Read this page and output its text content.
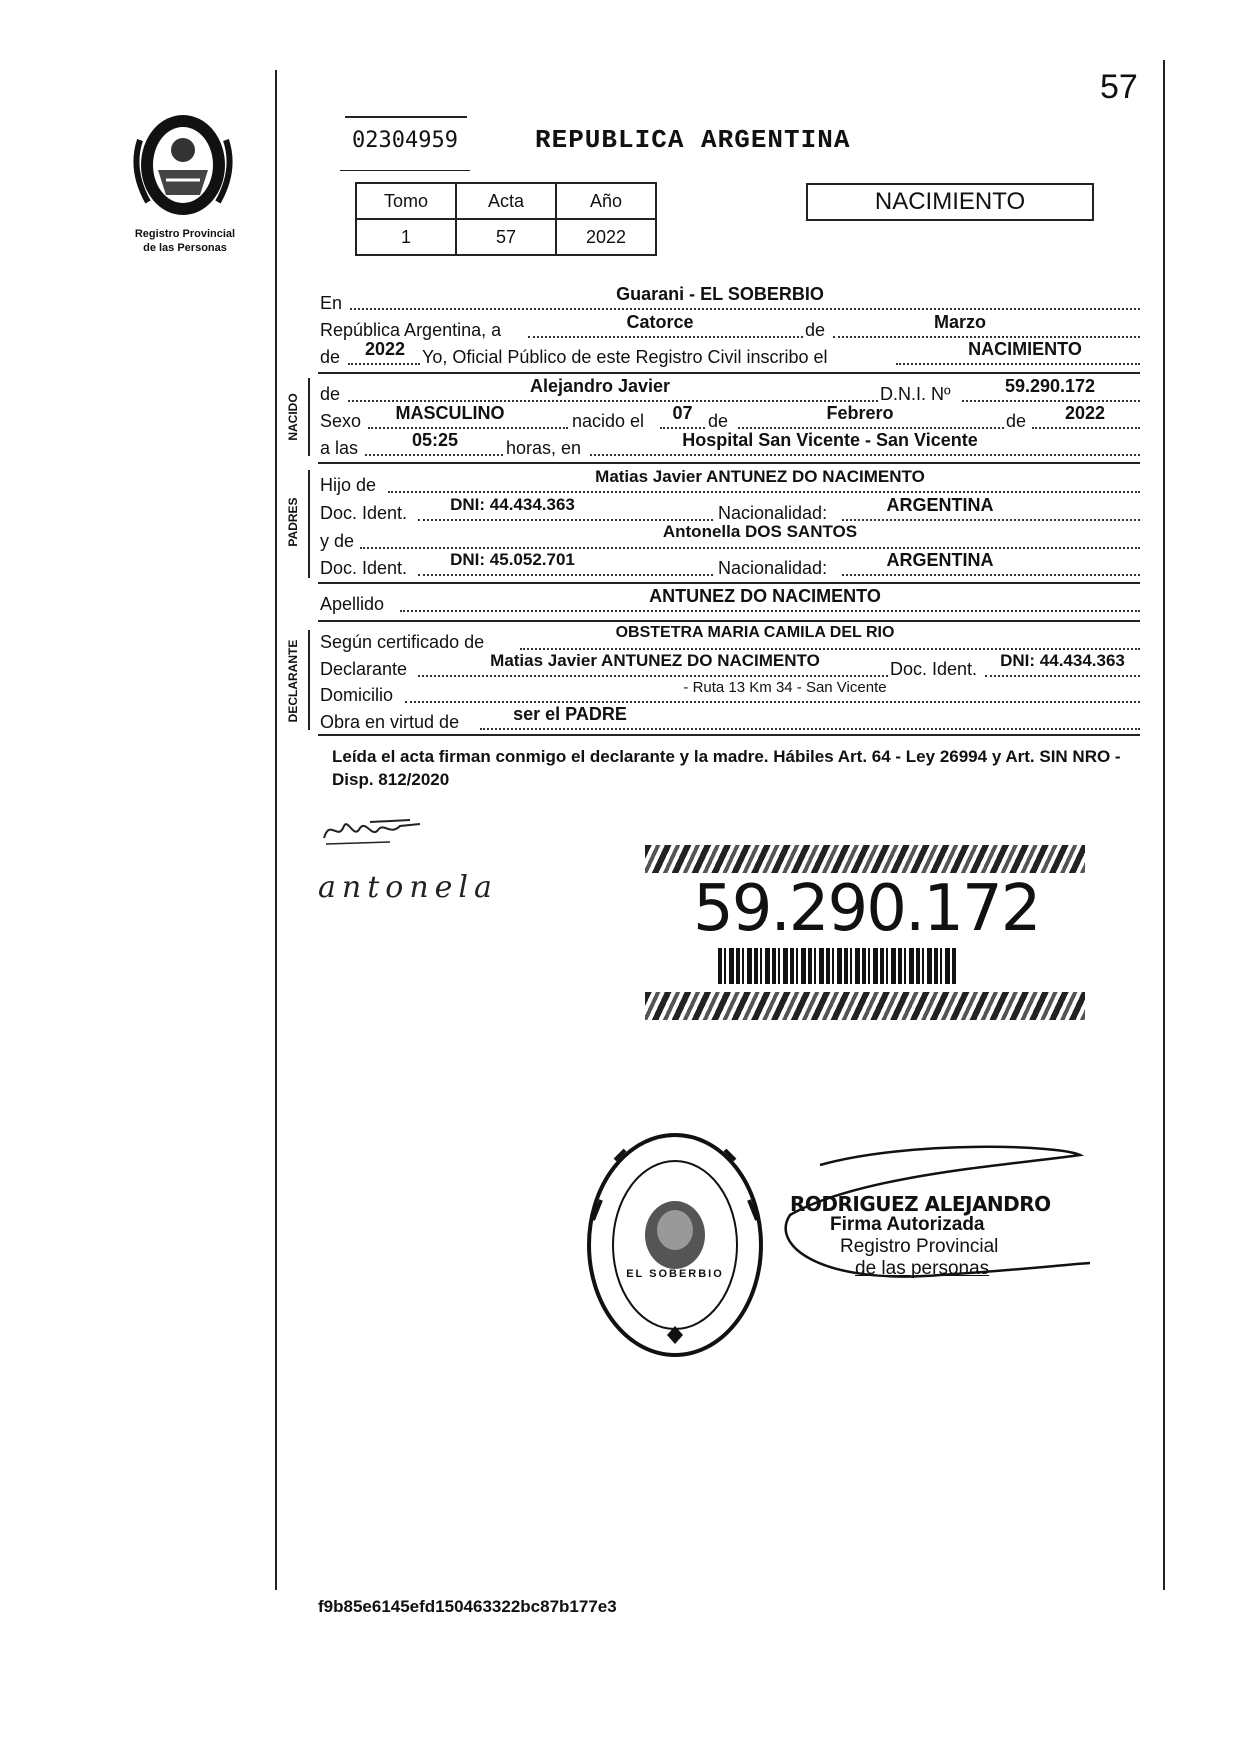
57
Registro Provincial
de las Personas
02304959	REPUBLICA ARGENTINA
Tomo	Acta	Año
1	57	2022
NACIMIENTO
NACIDO
PADRES
DECLARANTE
En	Guarani - EL SOBERBIO
República Argentina, a	Catorce	de	Marzo
de	2022 Yo, Oficial Público de este Registro Civil inscribo el	NACIMIENTO
de	Alejandro Javier	D.N.I. Nº	59.290.172
Sexo	MASCULINO	nacido el	07 de	Febrero	de	2022
a las	05:25	horas, en	Hospital San Vicente - San Vicente
Hijo de	Matias Javier ANTUNEZ DO NACIMENTO
Doc. Ident.	DNI: 44.434.363	Nacionalidad:	ARGENTINA
y de	Antonella DOS SANTOS
Doc. Ident.	DNI: 45.052.701	Nacionalidad:	ARGENTINA
Apellido	ANTUNEZ DO NACIMENTO
Según certificado de	OBSTETRA MARIA CAMILA DEL RIO
Declarante	Matias Javier ANTUNEZ DO NACIMENTO	Doc. Ident.	DNI: 44.434.363
Domicilio	- Ruta 13 Km 34 - San Vicente
Obra en virtud de	ser el PADRE
Leída el acta firman conmigo el declarante y la madre. Hábiles Art. 64 - Ley 26994 y Art. SIN NRO - Disp. 812/2020
antonela	59.290.172
EL SOBERBIO
RODRIGUEZ ALEJANDRO
Firma Autorizada
Registro Provincial
de las personas
f9b85e6145efd150463322bc87b177e3
